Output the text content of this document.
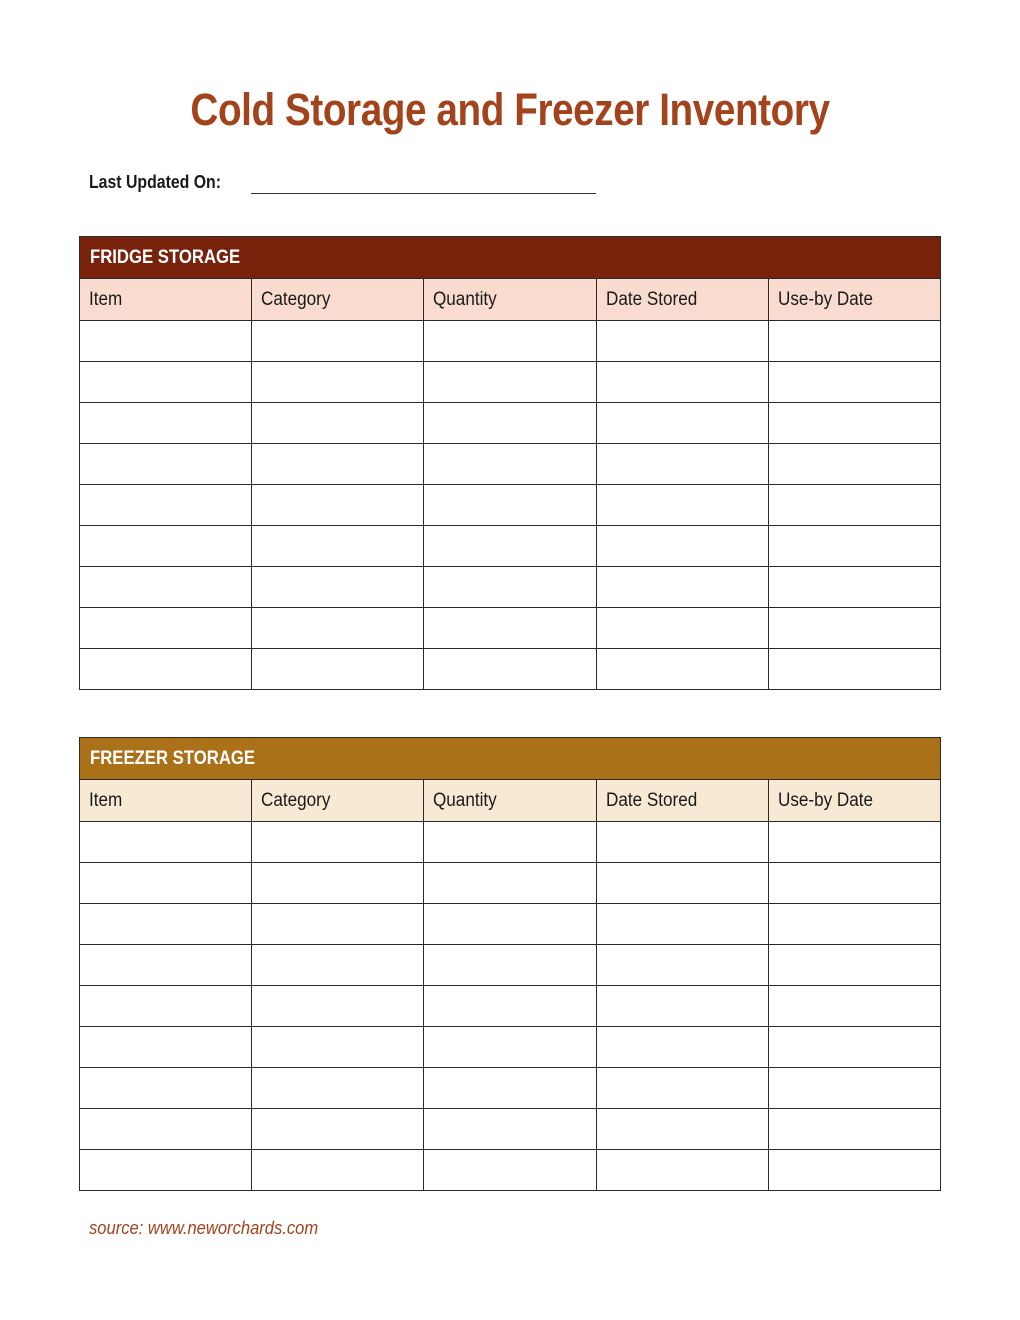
Cold Storage and Freezer Inventory
Last Updated On:
FRIDGE STORAGE				
Item	Category	Quantity	Date Stored	Use-by Date

FREEZER STORAGE				
Item	Category	Quantity	Date Stored	Use-by Date

source: www.neworchards.com
